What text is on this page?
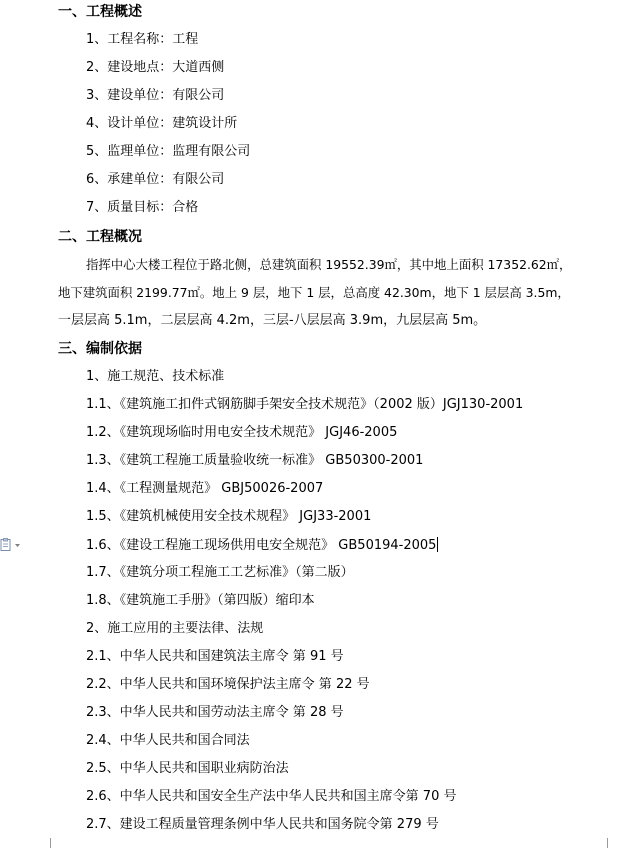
一、工程概述
1、工程名称：工程
2、建设地点：大道西侧
3、建设单位：有限公司
4、设计单位：建筑设计所
5、监理单位：监理有限公司
6、承建单位：有限公司
7、质量目标：合格
二、工程概况
指挥中心大楼工程位于路北侧，总建筑面积 19552.39㎡，其中地上面积 17352.62㎡，
地下建筑面积 2199.77㎡。地上 9 层，地下 1 层，总高度 42.30m，地下 1 层层高 3.5m，
一层层高 5.1m，二层层高 4.2m，三层-八层层高 3.9m，九层层高 5m。
三、编制依据
1、施工规范、技术标准
1.1、《建筑施工扣件式钢筋脚手架安全技术规范》（2002 版）JGJ130-2001
1.2、《建筑现场临时用电安全技术规范》 JGJ46-2005
1.3、《建筑工程施工质量验收统一标准》 GB50300-2001
1.4、《工程测量规范》 GBJ50026-2007
1.5、《建筑机械使用安全技术规程》 JGJ33-2001
1.6、《建设工程施工现场供用电安全规范》 GB50194-2005
1.7、《建筑分项工程施工工艺标准》（第二版）
1.8、《建筑施工手册》（第四版）缩印本
2、施工应用的主要法律、法规
2.1、中华人民共和国建筑法主席令 第 91 号
2.2、中华人民共和国环境保护法主席令 第 22 号
2.3、中华人民共和国劳动法主席令 第 28 号
2.4、中华人民共和国合同法
2.5、中华人民共和国职业病防治法
2.6、中华人民共和国安全生产法中华人民共和国主席令第 70 号
2.7、建设工程质量管理条例中华人民共和国务院令第 279 号
